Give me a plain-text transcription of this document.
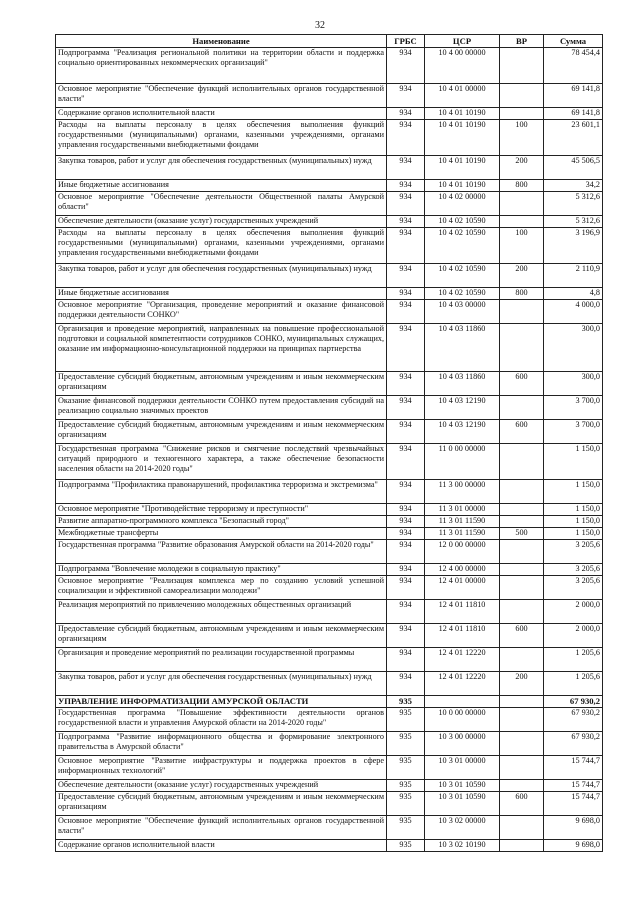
32
Наименование	ГРБС	ЦСР	ВР	Сумма
Подпрограмма "Реализация региональной политики на территории области и поддержка социально ориентированных некоммерческих организаций"	934	10 4 00 00000		78 454,4
Основное мероприятие "Обеспечение функций исполнительных органов государственной власти"	934	10 4 01 00000		69 141,8
Содержание органов исполнительной власти	934	10 4 01 10190		69 141,8
Расходы на выплаты персоналу в целях обеспечения выполнения функций государственными (муниципальными) органами, казенными учреждениями, органами управления государственными внебюджетными фондами	934	10 4 01 10190	100	23 601,1
Закупка товаров, работ и услуг для обеспечения государственных (муниципальных) нужд	934	10 4 01 10190	200	45 506,5
Иные бюджетные ассигнования	934	10 4 01 10190	800	34,2
Основное мероприятие "Обеспечение деятельности Общественной палаты Амурской области"	934	10 4 02 00000		5 312,6
Обеспечение деятельности (оказание услуг) государственных учреждений	934	10 4 02 10590		5 312,6
Расходы на выплаты персоналу в целях обеспечения выполнения функций государственными (муниципальными) органами, казенными учреждениями, органами управления государственными внебюджетными фондами	934	10 4 02 10590	100	3 196,9
Закупка товаров, работ и услуг для обеспечения государственных (муниципальных) нужд	934	10 4 02 10590	200	2 110,9
Иные бюджетные ассигнования	934	10 4 02 10590	800	4,8
Основное мероприятие "Организация, проведение мероприятий и оказание финансовой поддержки деятельности СОНКО"	934	10 4 03 00000		4 000,0
Организация и проведение мероприятий, направленных на повышение профессиональной подготовки и социальной компетентности сотрудников СОНКО, муниципальных служащих, оказание им информационно-консультационной поддержки на принципах партнерства	934	10 4 03 11860		300,0
Предоставление субсидий бюджетным, автономным учреждениям и иным некоммерческим организациям	934	10 4 03 11860	600	300,0
Оказание финансовой поддержки деятельности СОНКО путем предоставления субсидий на реализацию социально значимых проектов	934	10 4 03 12190		3 700,0
Предоставление субсидий бюджетным, автономным учреждениям и иным некоммерческим организациям	934	10 4 03 12190	600	3 700,0
Государственная программа "Снижение рисков и смягчение последствий чрезвычайных ситуаций природного и техногенного характера, а также обеспечение безопасности населения области на 2014-2020 годы"	934	11 0 00 00000		1 150,0
Подпрограмма "Профилактика правонарушений, профилактика терроризма и экстремизма"	934	11 3 00 00000		1 150,0
Основное мероприятие "Противодействие терроризму и преступности"	934	11 3 01 00000		1 150,0
Развитие аппаратно-программного комплекса "Безопасный город"	934	11 3 01 11590		1 150,0
Межбюджетные трансферты	934	11 3 01 11590	500	1 150,0
Государственная программа "Развитие образования Амурской области на 2014-2020 годы"	934	12 0 00 00000		3 205,6
Подпрограмма "Вовлечение молодежи в социальную практику"	934	12 4 00 00000		3 205,6
Основное мероприятие "Реализация комплекса мер по созданию условий успешной социализации и эффективной самореализации молодежи"	934	12 4 01 00000		3 205,6
Реализация мероприятий по привлечению молодежных общественных организаций	934	12 4 01 11810		2 000,0
Предоставление субсидий бюджетным, автономным учреждениям и иным некоммерческим организациям	934	12 4 01 11810	600	2 000,0
Организация и проведение мероприятий по реализации государственной программы	934	12 4 01 12220		1 205,6
Закупка товаров, работ и услуг для обеспечения государственных (муниципальных) нужд	934	12 4 01 12220	200	1 205,6
УПРАВЛЕНИЕ ИНФОРМАТИЗАЦИИ АМУРСКОЙ ОБЛАСТИ	935			67 930,2
Государственная программа "Повышение эффективности деятельности органов государственной власти и управления Амурской области на 2014-2020 годы"	935	10 0 00 00000		67 930,2
Подпрограмма "Развитие информационного общества и формирование электронного правительства в Амурской области"	935	10 3 00 00000		67 930,2
Основное мероприятие "Развитие инфраструктуры и поддержка проектов в сфере информационных технологий"	935	10 3 01 00000		15 744,7
Обеспечение деятельности (оказание услуг) государственных учреждений	935	10 3 01 10590		15 744,7
Предоставление субсидий бюджетным, автономным учреждениям и иным некоммерческим организациям	935	10 3 01 10590	600	15 744,7
Основное мероприятие "Обеспечение функций исполнительных органов государственной власти"	935	10 3 02 00000		9 698,0
Содержание органов исполнительной власти	935	10 3 02 10190		9 698,0
